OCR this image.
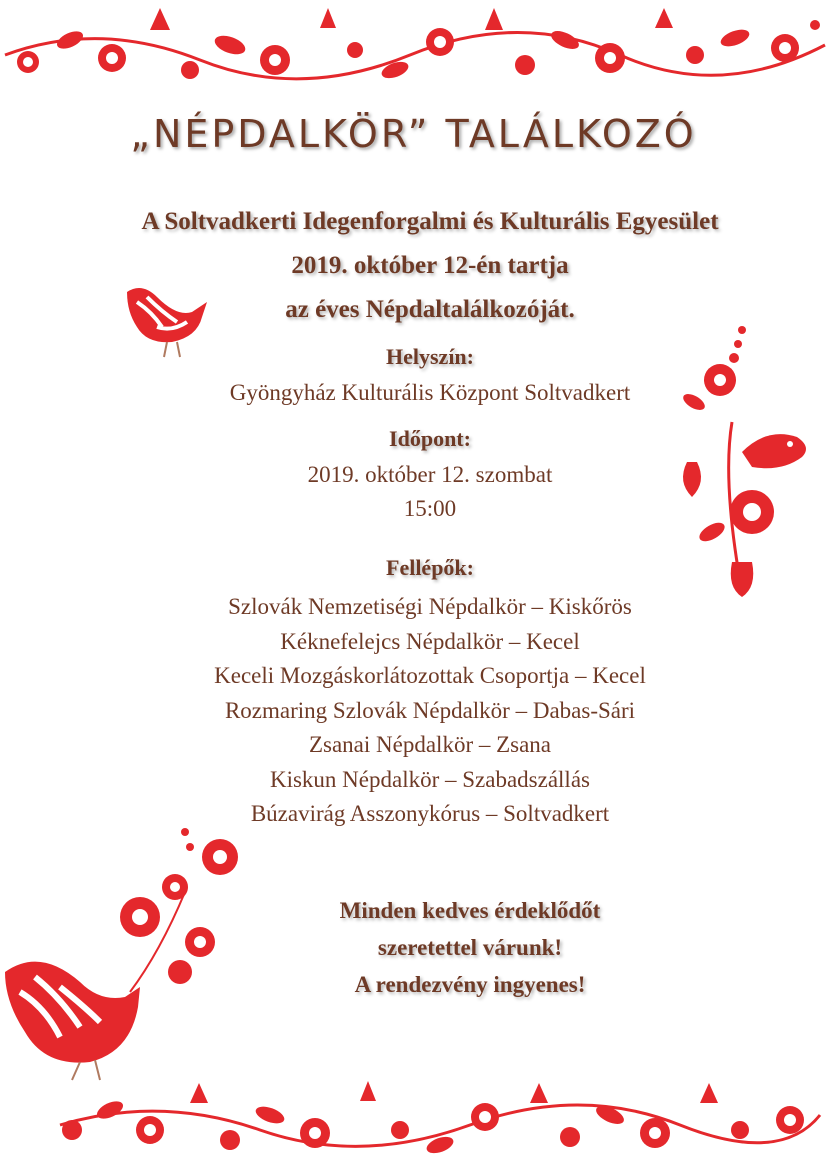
„NÉPDALKÖR” TALÁLKOZÓ
A Soltvadkerti Idegenforgalmi és Kulturális Egyesület
2019. október 12-én tartja
az éves Népdaltalálkozóját.
Helyszín:
Gyöngyház Kulturális Központ Soltvadkert
Időpont:
2019. október 12. szombat
15:00
Fellépők:
Szlovák Nemzetiségi Népdalkör – Kiskőrös
Kéknefelejcs Népdalkör – Kecel
Keceli Mozgáskorlátozottak Csoportja – Kecel
Rozmaring Szlovák Népdalkör – Dabas-Sári
Zsanai Népdalkör – Zsana
Kiskun Népdalkör – Szabadszállás
Búzavirág Asszonykórus – Soltvadkert
Minden kedves érdeklődőt
szeretettel várunk!
A rendezvény ingyenes!
